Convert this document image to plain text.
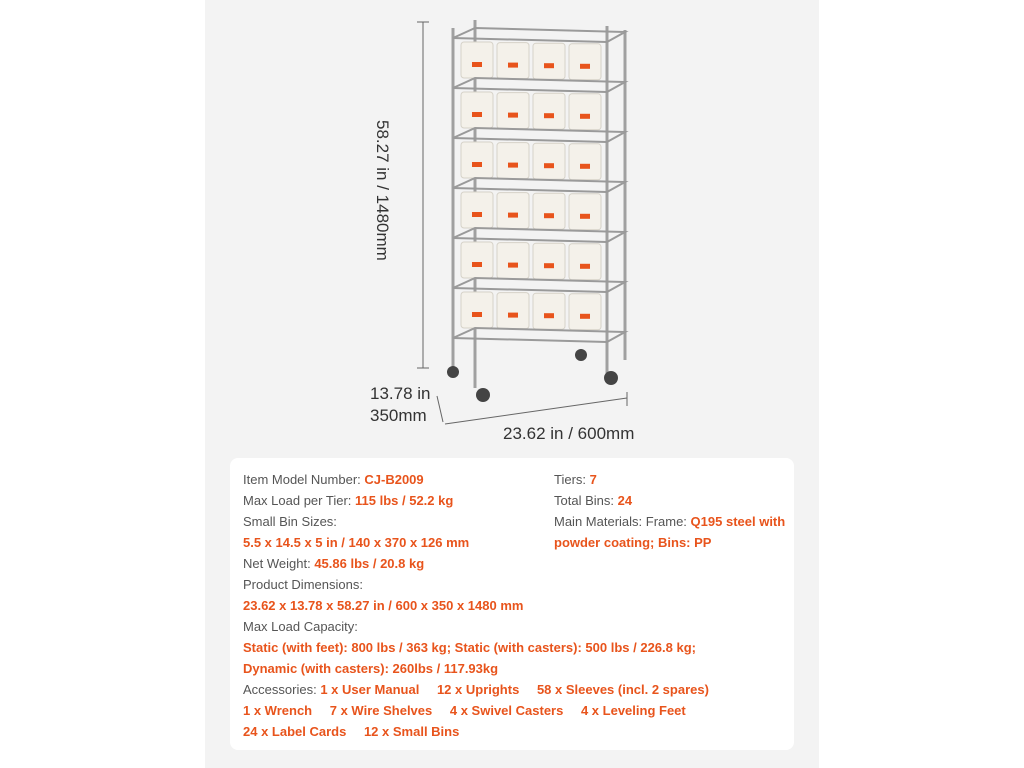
58.27 in / 1480mm
13.78 in
350mm
23.62 in / 600mm
Item Model Number: CJ-B2009	Tiers: 7
Max Load per Tier: 115 lbs / 52.2 kg	Total Bins: 24
Small Bin Sizes:	Main Materials: Frame: Q195 steel with
5.5 x 14.5 x 5 in / 140 x 370 x 126 mm	powder coating; Bins: PP
Net Weight: 45.86 lbs / 20.8 kg
Product Dimensions:
23.62 x 13.78 x 58.27 in / 600 x 350 x 1480 mm
Max Load Capacity:
Static (with feet): 800 lbs / 363 kg; Static (with casters): 500 lbs / 226.8 kg;
Dynamic (with casters): 260lbs / 117.93kg
Accessories: 1 x User Manual 12 x Uprights 58 x Sleeves (incl. 2 spares)
1 x Wrench 7 x Wire Shelves 4 x Swivel Casters 4 x Leveling Feet
24 x Label Cards 12 x Small Bins
